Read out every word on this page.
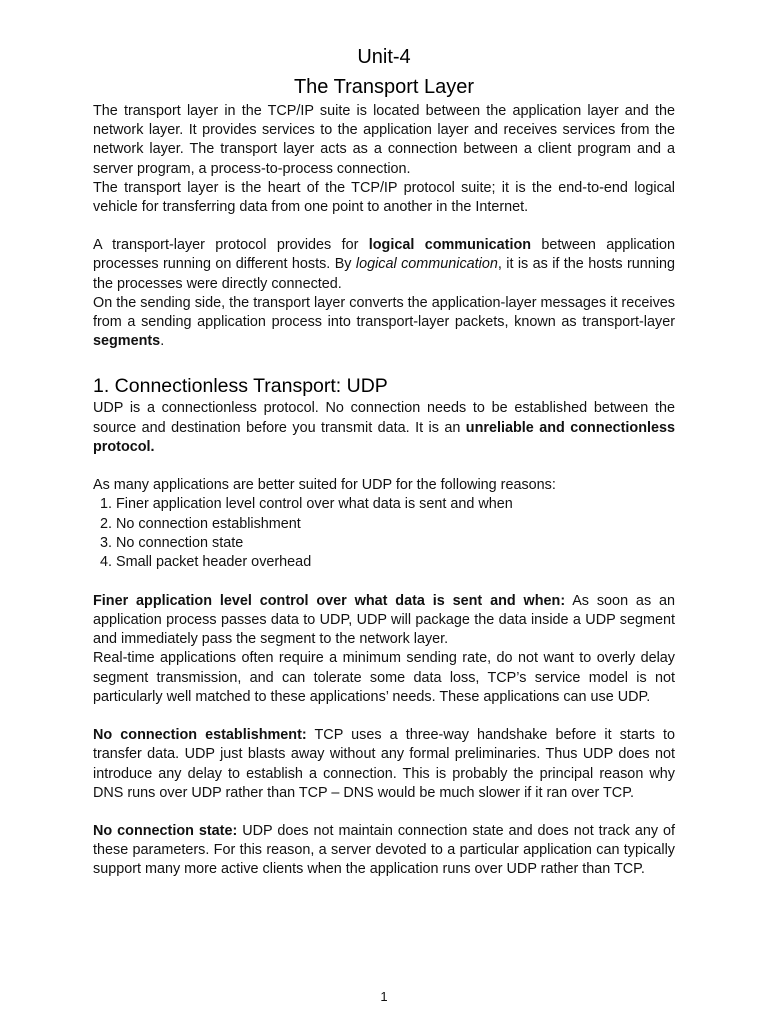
Unit-4
The Transport Layer

The transport layer in the TCP/IP suite is located between the application layer and the network layer. It provides services to the application layer and receives services from the network layer. The transport layer acts as a connection between a client program and a server program, a process-to-process connection.

The transport layer is the heart of the TCP/IP protocol suite; it is the end-to-end logical vehicle for transferring data from one point to another in the Internet.

A transport-layer protocol provides for logical communication between application processes running on different hosts. By logical communication, it is as if the hosts running the processes were directly connected.

On the sending side, the transport layer converts the application-layer messages it receives from a sending application process into transport-layer packets, known as transport-layer segments.

1. Connectionless Transport: UDP

UDP is a connectionless protocol. No connection needs to be established between the source and destination before you transmit data. It is an unreliable and connectionless protocol.

As many applications are better suited for UDP for the following reasons:

1. Finer application level control over what data is sent and when
2. No connection establishment
3. No connection state
4. Small packet header overhead

Finer application level control over what data is sent and when: As soon as an application process passes data to UDP, UDP will package the data inside a UDP segment and immediately pass the segment to the network layer.

Real-time applications often require a minimum sending rate, do not want to overly delay segment transmission, and can tolerate some data loss, TCP’s service model is not particularly well matched to these applications’ needs. These applications can use UDP.

No connection establishment: TCP uses a three-way handshake before it starts to transfer data. UDP just blasts away without any formal preliminaries. Thus UDP does not introduce any delay to establish a connection. This is probably the principal reason why DNS runs over UDP rather than TCP – DNS would be much slower if it ran over TCP.

No connection state: UDP does not maintain connection state and does not track any of these parameters. For this reason, a server devoted to a particular application can typically support many more active clients when the application runs over UDP rather than TCP.

1
